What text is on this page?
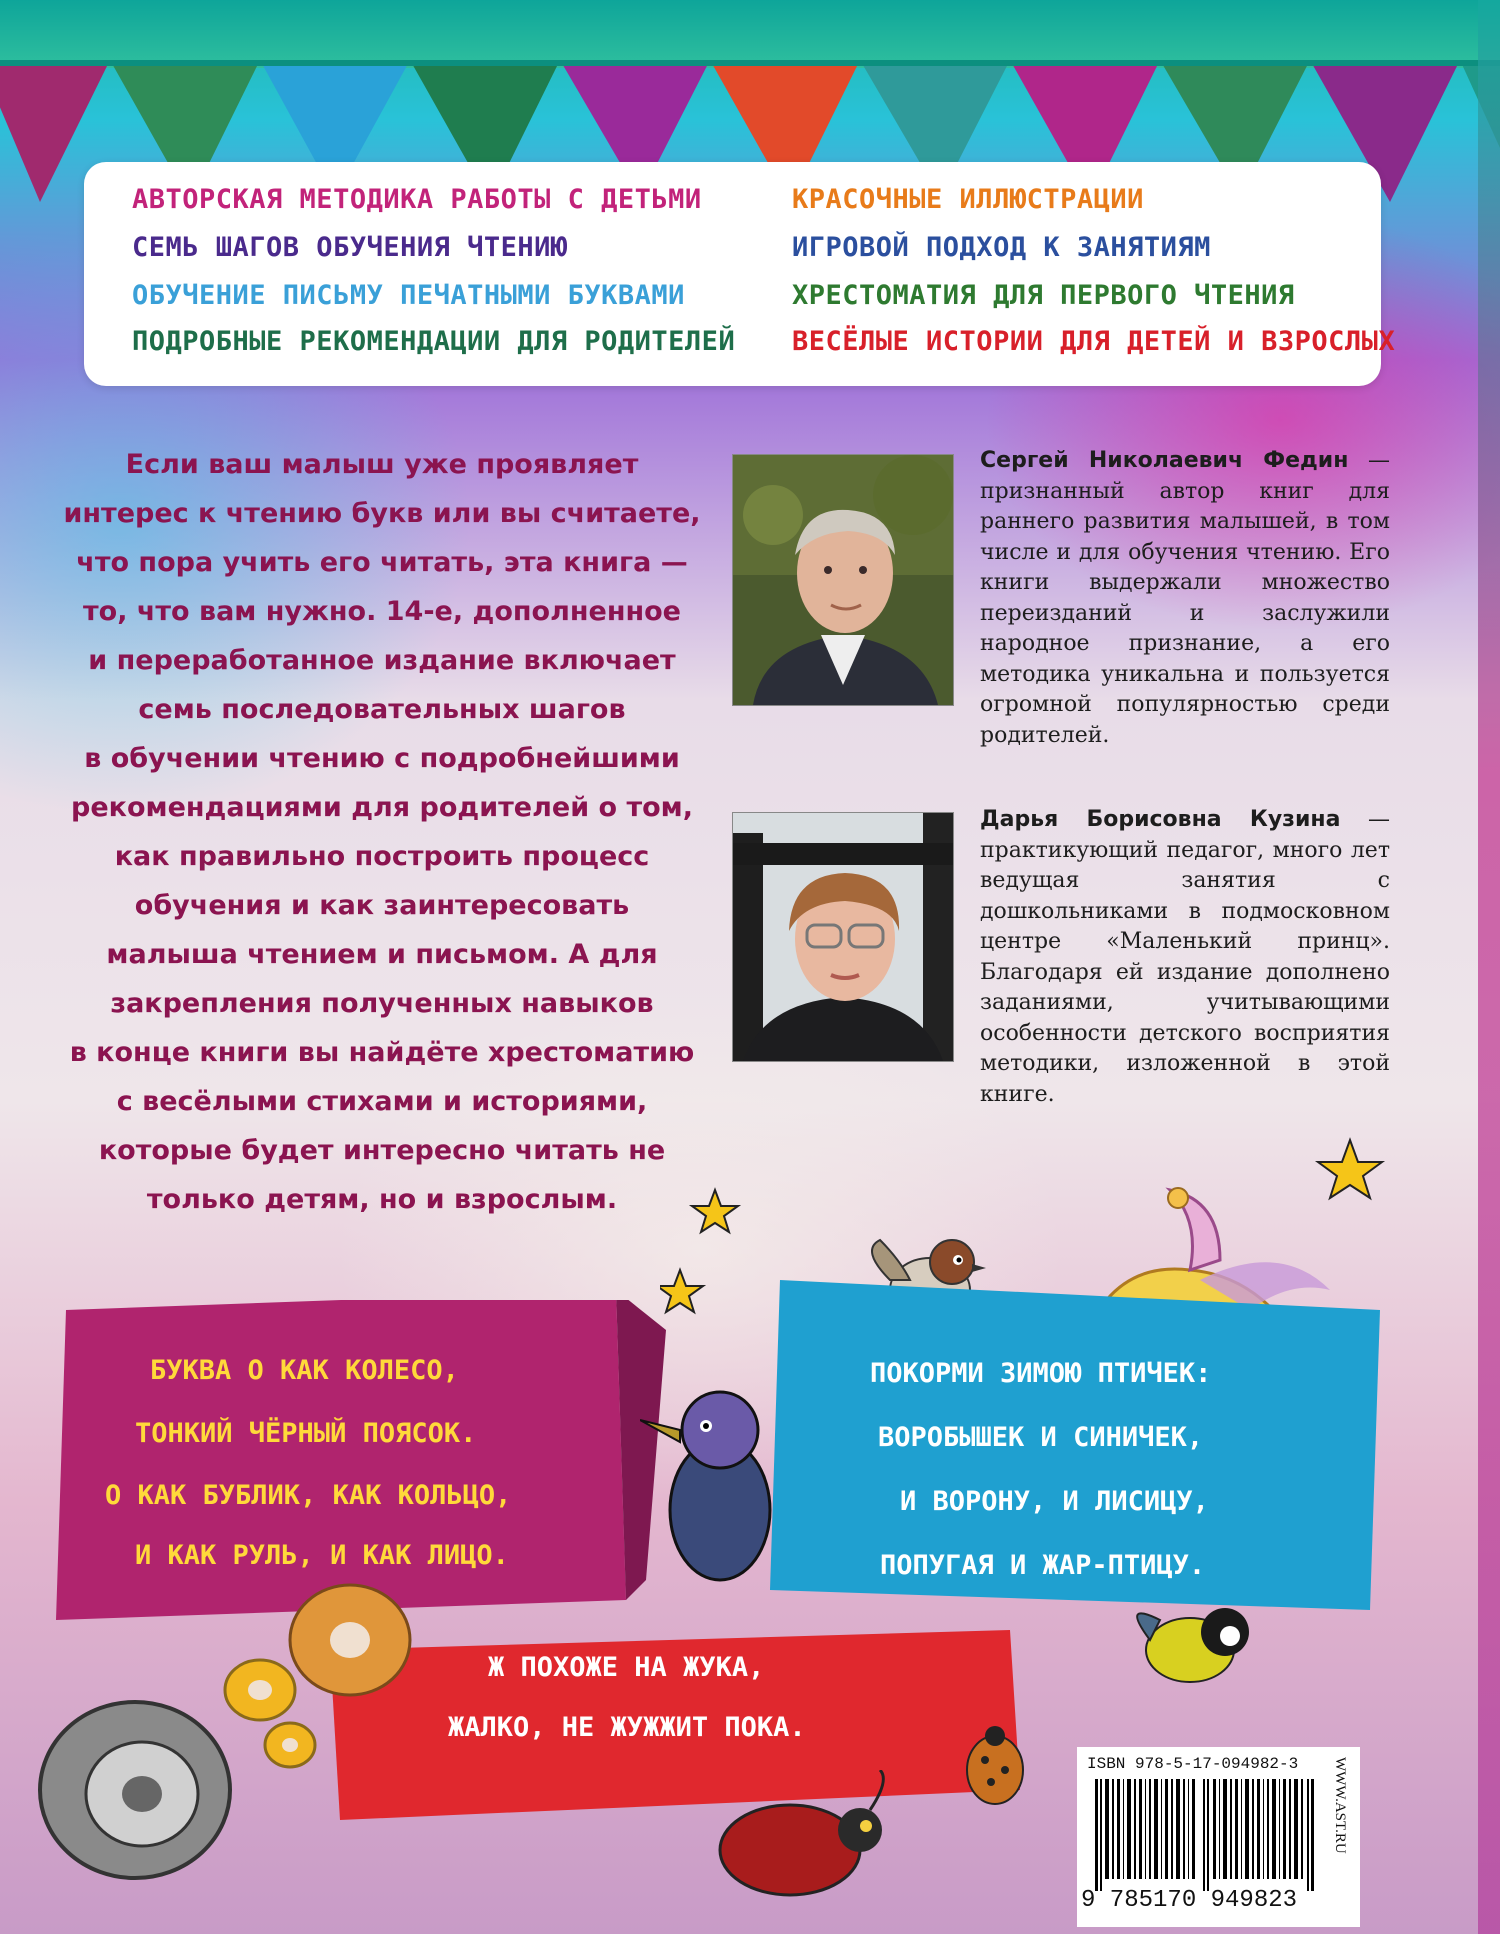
АВТОРСКАЯ МЕТОДИКА РАБОТЫ С ДЕТЬМИ
СЕМЬ ШАГОВ ОБУЧЕНИЯ ЧТЕНИЮ
ОБУЧЕНИЕ ПИСЬМУ ПЕЧАТНЫМИ БУКВАМИ
ПОДРОБНЫЕ РЕКОМЕНДАЦИИ ДЛЯ РОДИТЕЛЕЙ
КРАСОЧНЫЕ ИЛЛЮСТРАЦИИ
ИГРОВОЙ ПОДХОД К ЗАНЯТИЯМ
ХРЕСТОМАТИЯ ДЛЯ ПЕРВОГО ЧТЕНИЯ
ВЕСЁЛЫЕ ИСТОРИИ ДЛЯ ДЕТЕЙ И ВЗРОСЛЫХ
Если ваш малыш уже проявляет
интерес к чтению букв или вы считаете,
что пора учить его читать, эта книга —
то, что вам нужно. 14-е, дополненное
и переработанное издание включает
семь последовательных шагов
в обучении чтению с подробнейшими
рекомендациями для родителей о том,
как правильно построить процесс
обучения и как заинтересовать
малыша чтением и письмом. А для
закрепления полученных навыков
в конце книги вы найдёте хрестоматию
с весёлыми стихами и историями,
которые будет интересно читать не
только детям, но и взрослым.
Сергей Николаевич Федин — признанный автор книг для раннего развития малышей, в том числе и для обучения чтению. Его книги выдержали множество переизданий и заслужили народное признание, а его методика уникальна и пользуется огромной популярностью среди родителей.
Дарья Борисовна Кузина — практикующий педагог, много лет ведущая занятия с дошкольниками в подмосковном центре «Маленький принц». Благодаря ей издание дополнено заданиями, учитывающими особенности детского восприятия методики, изложенной в этой книге.
БУКВА О КАК КОЛЕСО,
ТОНКИЙ ЧЁРНЫЙ ПОЯСОК.
О КАК БУБЛИК, КАК КОЛЬЦО,
И КАК РУЛЬ, И КАК ЛИЦО.
ПОКОРМИ ЗИМОЮ ПТИЧЕК:
ВОРОБЫШЕК И СИНИЧЕК,
И ВОРОНУ, И ЛИСИЦУ,
ПОПУГАЯ И ЖАР-ПТИЦУ.
Ж ПОХОЖЕ НА ЖУКА,
ЖАЛКО, НЕ ЖУЖЖИТ ПОКА.
ISBN 978-5-17-094982-3
9 785170 949823
WWW.AST.RU
